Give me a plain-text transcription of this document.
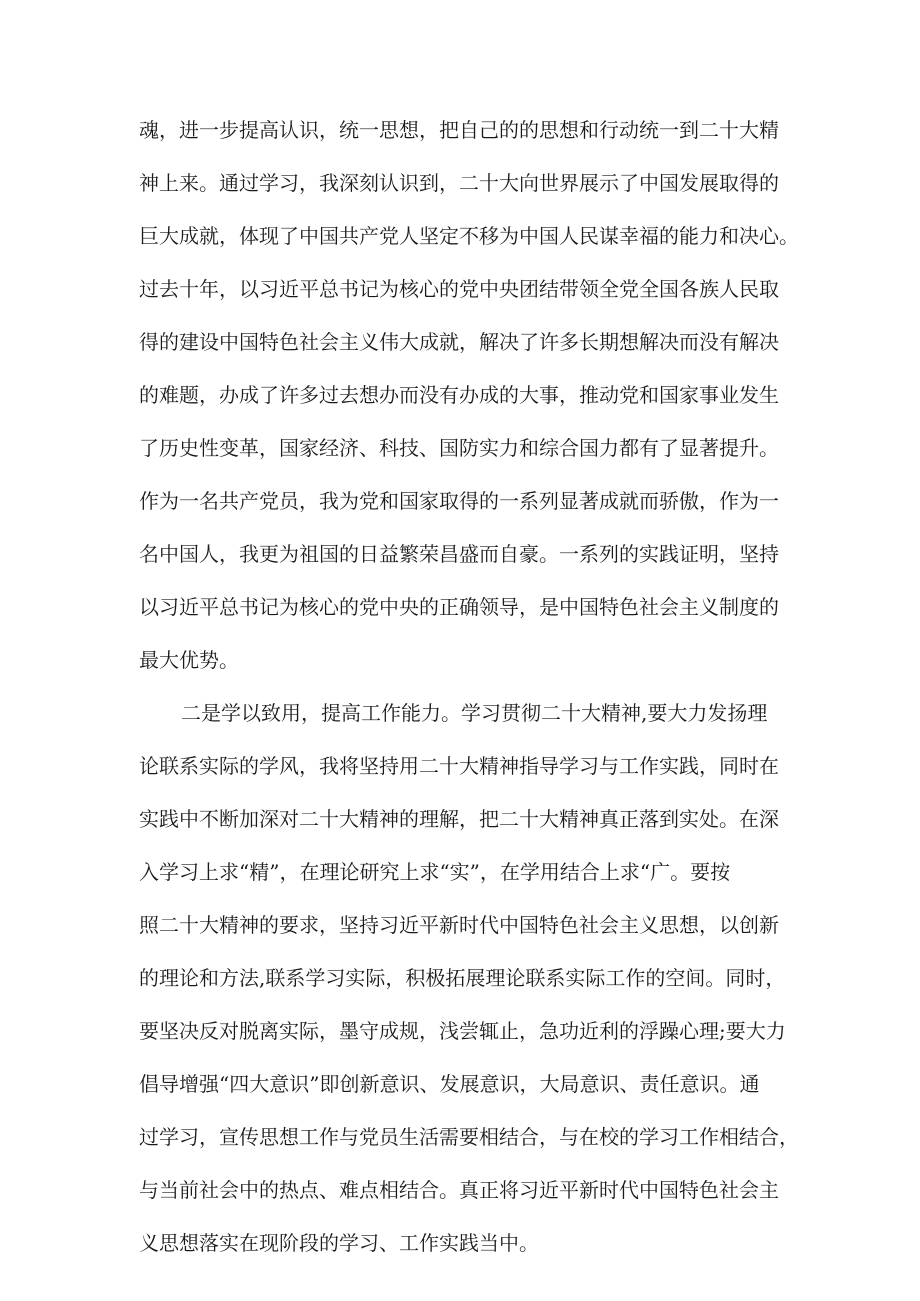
魂，进一步提高认识，统一思想，把自己的的思想和行动统一到二十大精
神上来。通过学习，我深刻认识到，二十大向世界展示了中国发展取得的
巨大成就，体现了中国共产党人坚定不移为中国人民谋幸福的能力和决心。
过去十年，以习近平总书记为核心的党中央团结带领全党全国各族人民取
得的建设中国特色社会主义伟大成就，解决了许多长期想解决而没有解决
的难题，办成了许多过去想办而没有办成的大事，推动党和国家事业发生
了历史性变革，国家经济、科技、国防实力和综合国力都有了显著提升。
作为一名共产党员，我为党和国家取得的一系列显著成就而骄傲，作为一
名中国人，我更为祖国的日益繁荣昌盛而自豪。一系列的实践证明，坚持
以习近平总书记为核心的党中央的正确领导，是中国特色社会主义制度的
最大优势。
二是学以致用，提高工作能力。学习贯彻二十大精神,要大力发扬理
论联系实际的学风，我将坚持用二十大精神指导学习与工作实践，同时在
实践中不断加深对二十大精神的理解，把二十大精神真正落到实处。在深
入学习上求“精”，在理论研究上求“实”，在学用结合上求“广。要按
照二十大精神的要求，坚持习近平新时代中国特色社会主义思想，以创新
的理论和方法,联系学习实际，积极拓展理论联系实际工作的空间。同时，
要坚决反对脱离实际，墨守成规，浅尝辄止，急功近利的浮躁心理;要大力
倡导增强“四大意识”即创新意识、发展意识，大局意识、责任意识。通
过学习，宣传思想工作与党员生活需要相结合，与在校的学习工作相结合，
与当前社会中的热点、难点相结合。真正将习近平新时代中国特色社会主
义思想落实在现阶段的学习、工作实践当中。
